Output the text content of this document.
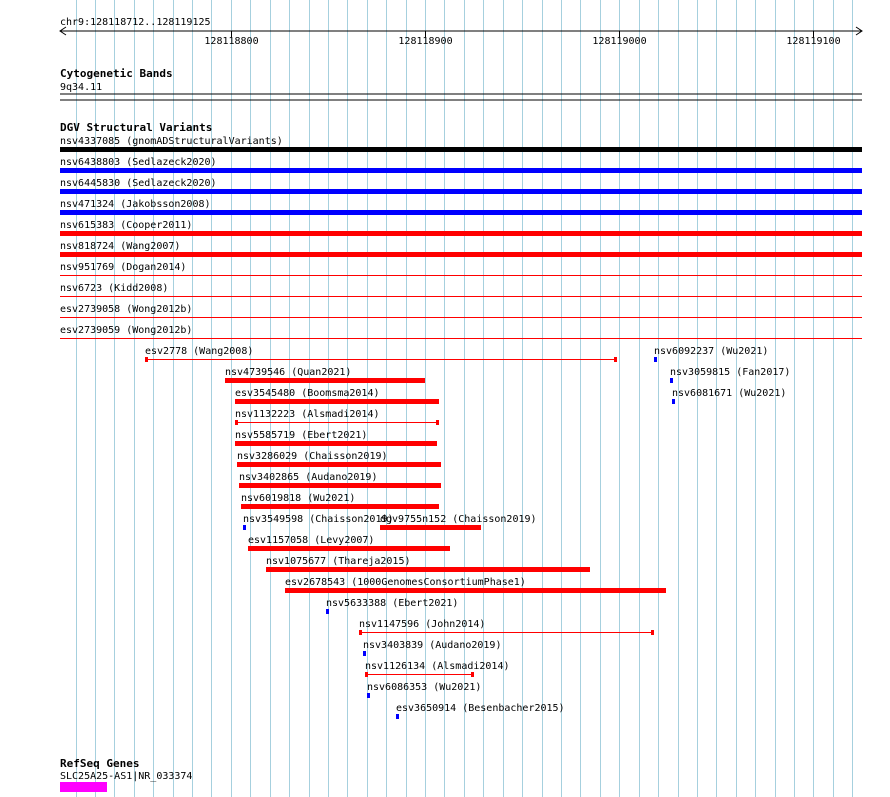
chr9:128118712..128119125
128118800	128118900	128119000	128119100
Cytogenetic Bands
9q34.11
DGV Structural Variants
nsv4337085 (gnomADStructuralVariants)
nsv6438803 (Sedlazeck2020)
nsv6445830 (Sedlazeck2020)
nsv471324 (Jakobsson2008)
nsv615383 (Cooper2011)
nsv818724 (Wang2007)
nsv951769 (Dogan2014)
nsv6723 (Kidd2008)
esv2739058 (Wong2012b)
esv2739059 (Wong2012b)
esv2778 (Wang2008)	nsv6092237 (Wu2021)
nsv4739546 (Quan2021)	nsv3059815 (Fan2017)
esv3545480 (Boomsma2014)	nsv6081671 (Wu2021)
nsv1132223 (Alsmadi2014)
nsv5585719 (Ebert2021)
nsv3286029 (Chaisson2019)
nsv3402865 (Audano2019)
nsv6019818 (Wu2021)
nsv3549598 (Chaisson2019)
dgv9755n152 (Chaisson2019)
esv1157058 (Levy2007)
nsv1075677 (Thareja2015)
esv2678543 (1000GenomesConsortiumPhase1)
nsv5633388 (Ebert2021)
nsv1147596 (John2014)
nsv3403839 (Audano2019)
nsv1126134 (Alsmadi2014)
nsv6086353 (Wu2021)
esv3650914 (Besenbacher2015)
RefSeq Genes
SLC25A25-AS1|NR_033374
